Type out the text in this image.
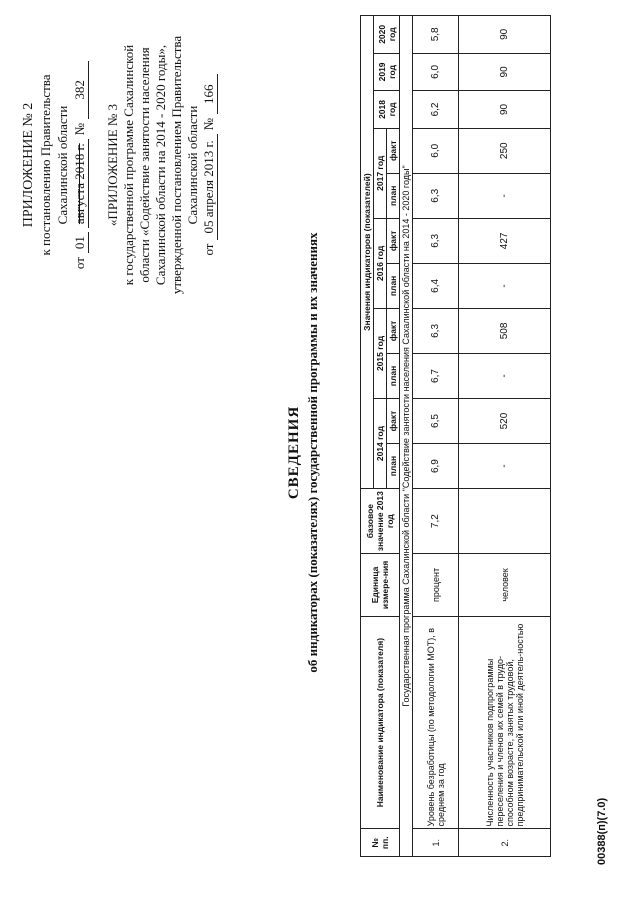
ПРИЛОЖЕНИЕ № 2 к постановлению Правительства Сахалинской области
от
01
августа 2018 г.
№
382
«ПРИЛОЖЕНИЕ № 3 к государственной программе Сахалинской области «Содействие занятости населения Сахалинской области на 2014 - 2020 годы», утвержденной постановлением Правительства Сахалинской области
от
05 апреля 2013 г.
№
166
СВЕДЕНИЯ об индикаторах (показателях) государственной программы и их значениях
№ пп.	Наименование индикатора (показателя)	Единица измере-ния	базовое значение 2013 год	Значения индикаторов (показателей)										
				2014 год		2015 год		2016 год		2017 год		2018 год	2019 год	2020 год
				план	факт	план	факт	план	факт	план	факт			
Государственная программа Сахалинской области "Содействие занятости населения Сахалинской области на 2014 - 2020 годы"														
1.	Уровень безработицы (по методологии МОТ), в среднем за год	процент	7,2	6,9	6,5	6,7	6,3	6,4	6,3	6,3	6,0	6,2	6,0	5,8
2.	Численность участников подпрограммы переселения и членов их семей в трудо-способном возрасте, занятых трудовой, предпринимательской или иной деятель-ностью	человек		-	520	-	508	-	427	-	250	90	90	90
00388(п)(7.0)
